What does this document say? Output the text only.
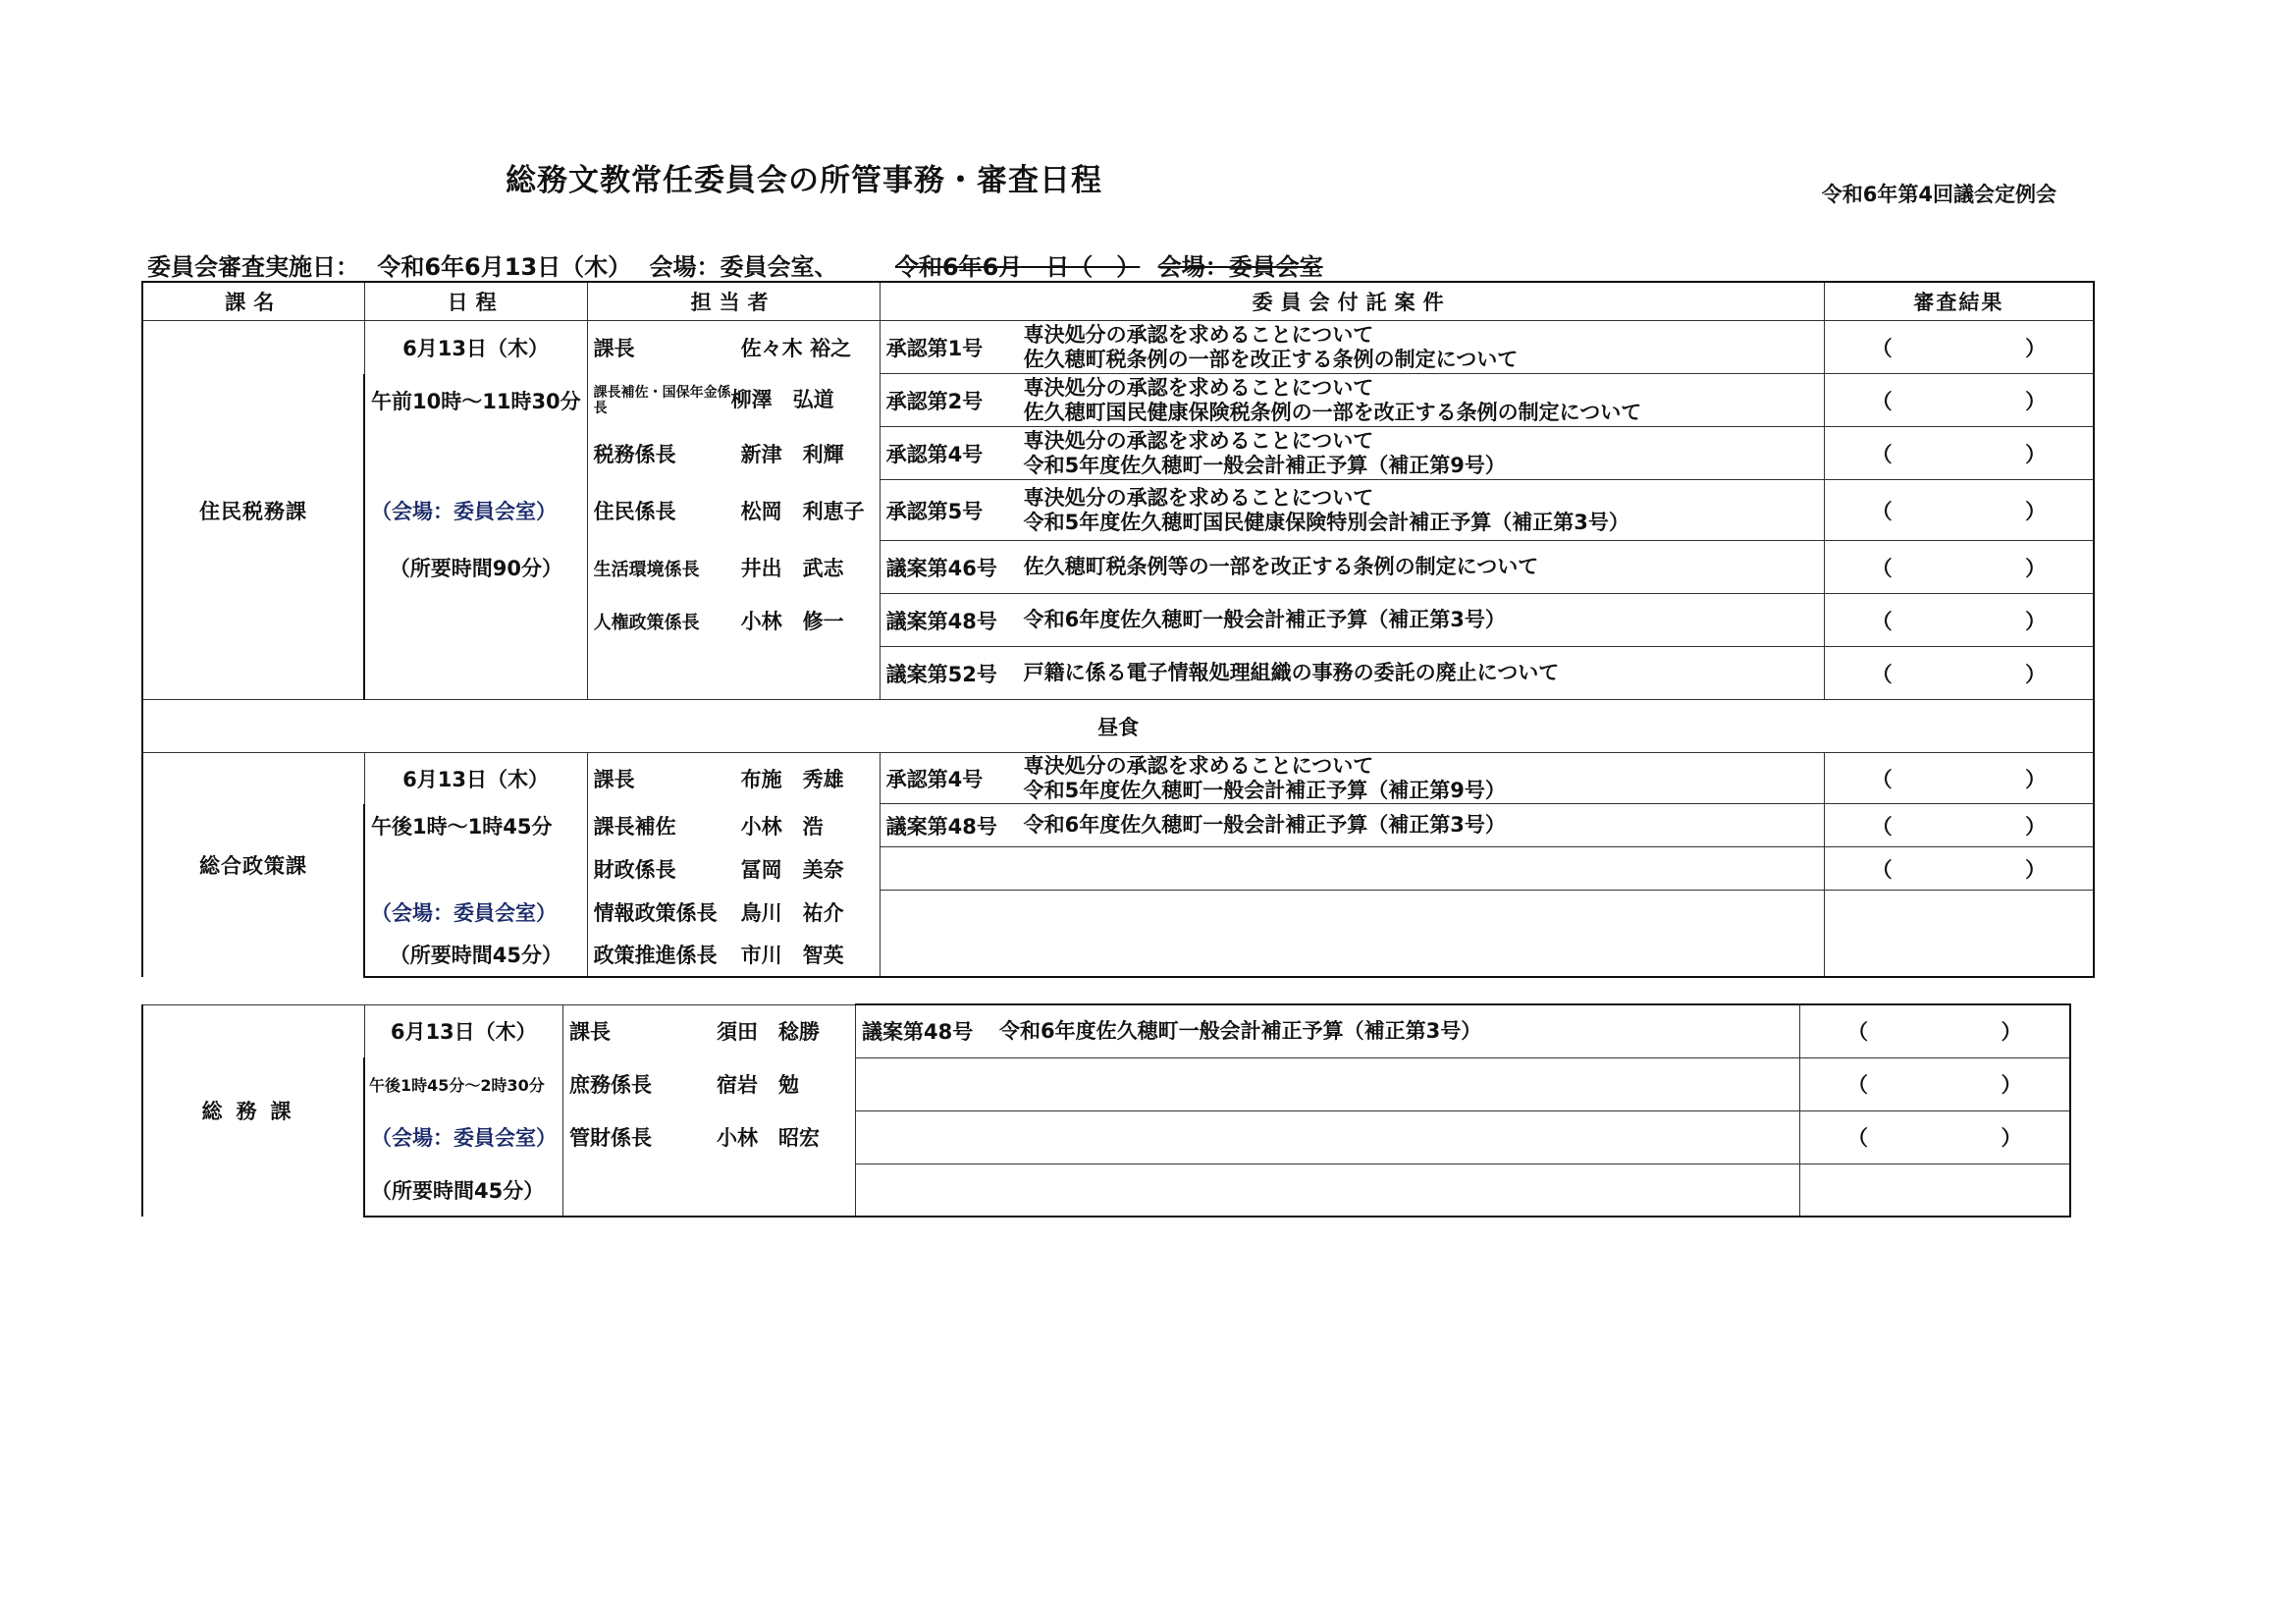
総務文教常任委員会の所管事務・審査日程	令和6年第4回議会定例会
委員会審査実施日： 令和6年6月13日（木） 会場：委員会室、 令和6年6月　日（　） 会場：委員会室
課名	日程	担当者	委員会付託案件	審査結果
住民税務課	6月13日（木）	課長 佐々木 裕之	承認第1号
専決処分の承認を求めることについて
佐久穂町税条例の一部を改正する条例の制定について	（ ）

	午前10時～11時30分	課長補佐・国保年金係長 柳澤　弘道	承認第2号
専決処分の承認を求めることについて
佐久穂町国民健康保険税条例の一部を改正する条例の制定について	（ ）

		税務係長 新津　利輝	承認第4号
専決処分の承認を求めることについて
令和5年度佐久穂町一般会計補正予算（補正第9号）	（ ）

	（会場：委員会室）	住民係長 松岡　利恵子	承認第5号
専決処分の承認を求めることについて
令和5年度佐久穂町国民健康保険特別会計補正予算（補正第3号）	（ ）

	（所要時間90分）	生活環境係長 井出　武志	議案第46号 佐久穂町税条例等の一部を改正する条例の制定について	（ ）

		人権政策係長 小林　修一	議案第48号 令和6年度佐久穂町一般会計補正予算（補正第3号）	（ ）

			議案第52号 戸籍に係る電子情報処理組織の事務の委託の廃止について	（ ）

昼食				
総合政策課	6月13日（木）	課長 布施　秀雄	承認第4号
専決処分の承認を求めることについて
令和5年度佐久穂町一般会計補正予算（補正第9号）	（ ）

	午後1時～1時45分	課長補佐 小林　浩	議案第48号 令和6年度佐久穂町一般会計補正予算（補正第3号）	（ ）

		財政係長 冨岡　美奈		（ ）

	（会場：委員会室）	情報政策係長 鳥川　祐介		
	（所要時間45分）	政策推進係長 市川　智英		
総務課	6月13日（木）	課長 須田　稔勝	議案第48号 令和6年度佐久穂町一般会計補正予算（補正第3号）	（ ）

	午後1時45分～2時30分	庶務係長 宿岩　勉		（ ）

	（会場：委員会室）	管財係長 小林　昭宏		（ ）

	（所要時間45分）			
